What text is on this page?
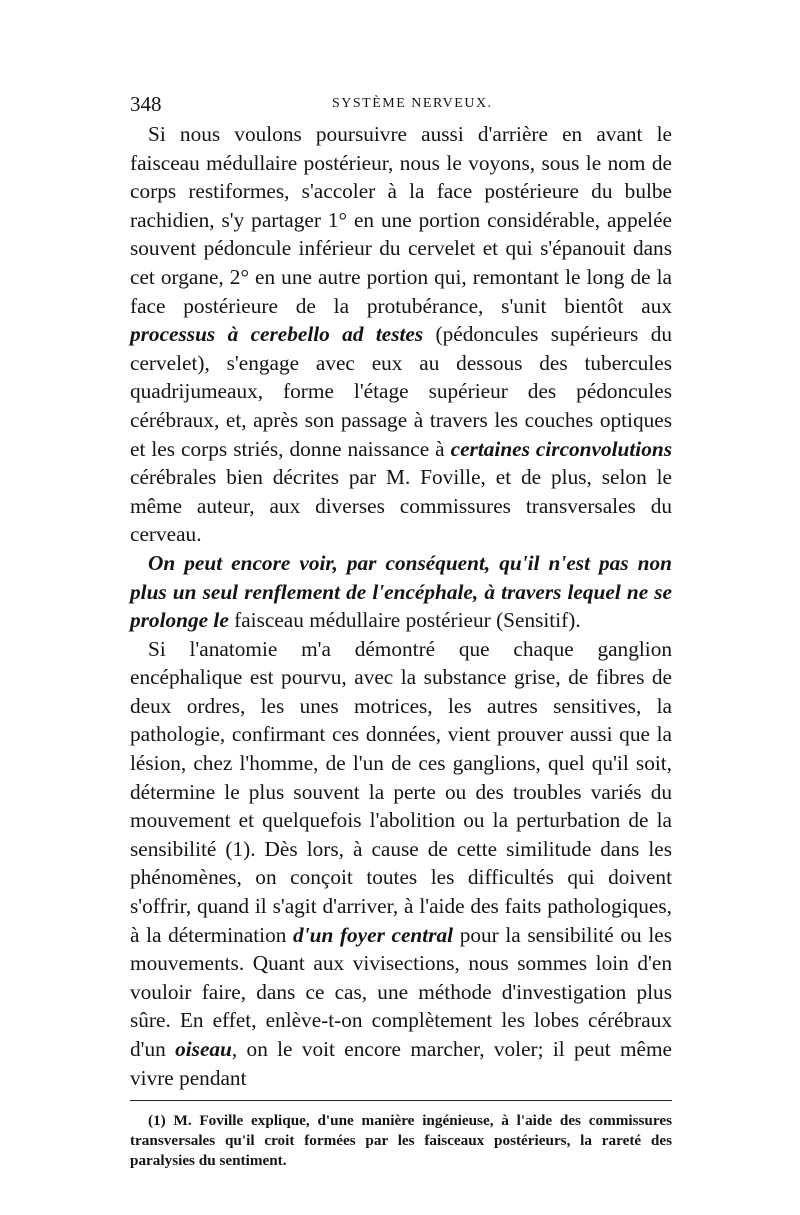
348	SYSTÈME NERVEUX.

Si nous voulons poursuivre aussi d'arrière en avant le faisceau médullaire postérieur, nous le voyons, sous le nom de corps restiformes, s'accoler à la face postérieure du bulbe rachidien, s'y partager 1° en une portion considérable, appelée souvent pédoncule inférieur du cervelet et qui s'épanouit dans cet organe, 2° en une autre portion qui, remontant le long de la face postérieure de la protubérance, s'unit bientôt aux processus à cerebello ad testes (pédoncules supérieurs du cervelet), s'engage avec eux au dessous des tubercules quadrijumeaux, forme l'étage supérieur des pédoncules cérébraux, et, après son passage à travers les couches optiques et les corps striés, donne naissance à certaines circonvolutions cérébrales bien décrites par M. Foville, et de plus, selon le même auteur, aux diverses commissures transversales du cerveau.

On peut encore voir, par conséquent, qu'il n'est pas non plus un seul renflement de l'encéphale, à travers lequel ne se prolonge le faisceau médullaire postérieur (Sensitif).

Si l'anatomie m'a démontré que chaque ganglion encéphalique est pourvu, avec la substance grise, de fibres de deux ordres, les unes motrices, les autres sensitives, la pathologie, confirmant ces données, vient prouver aussi que la lésion, chez l'homme, de l'un de ces ganglions, quel qu'il soit, détermine le plus souvent la perte ou des troubles variés du mouvement et quelquefois l'abolition ou la perturbation de la sensibilité (1). Dès lors, à cause de cette similitude dans les phénomènes, on conçoit toutes les difficultés qui doivent s'offrir, quand il s'agit d'arriver, à l'aide des faits pathologiques, à la détermination d'un foyer central pour la sensibilité ou les mouvements. Quant aux vivisections, nous sommes loin d'en vouloir faire, dans ce cas, une méthode d'investigation plus sûre. En effet, enlève-t-on complètement les lobes cérébraux d'un oiseau, on le voit encore marcher, voler; il peut même vivre pendant

(1) M. Foville explique, d'une manière ingénieuse, à l'aide des commissures transversales qu'il croit formées par les faisceaux postérieurs, la rareté des paralysies du sentiment.
